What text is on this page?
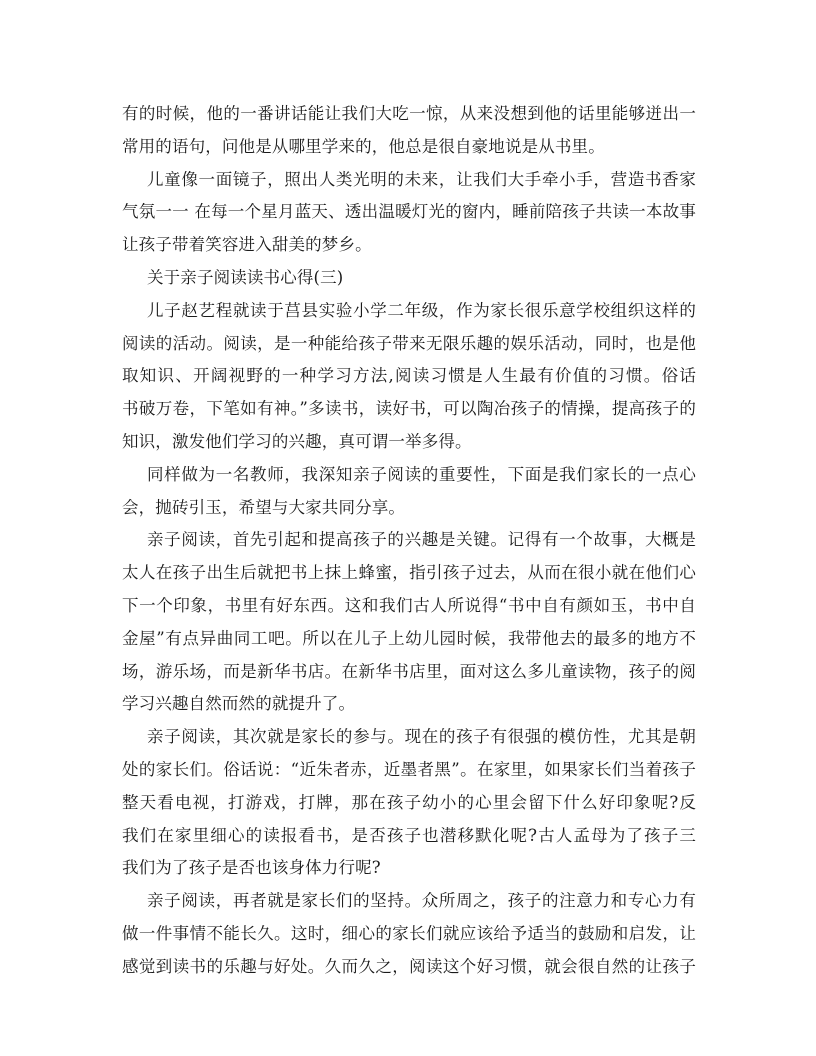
有的时候，他的一番讲话能让我们大吃一惊，从来没想到他的话里能够迸出一
常用的语句，问他是从哪里学来的，他总是很自豪地说是从书里。
儿童像一面镜子，照出人类光明的未来，让我们大手牵小手，营造书香家
气氛一一 在每一个星月蓝天、透出温暖灯光的窗内，睡前陪孩子共读一本故事
让孩子带着笑容进入甜美的梦乡。
关于亲子阅读读书心得(三)
儿子赵艺程就读于莒县实验小学二年级，作为家长很乐意学校组织这样的
阅读的活动。阅读，是一种能给孩子带来无限乐趣的娱乐活动，同时，也是他
取知识、开阔视野的一种学习方法,阅读习惯是人生最有价值的习惯。俗话
书破万卷，下笔如有神。”多读书，读好书，可以陶冶孩子的情操，提高孩子的
知识，激发他们学习的兴趣，真可谓一举多得。
同样做为一名教师，我深知亲子阅读的重要性，下面是我们家长的一点心
会，抛砖引玉，希望与大家共同分享。
亲子阅读，首先引起和提高孩子的兴趣是关键。记得有一个故事，大概是
太人在孩子出生后就把书上抹上蜂蜜，指引孩子过去，从而在很小就在他们心
下一个印象，书里有好东西。这和我们古人所说得“书中自有颜如玉，书中自
金屋”有点异曲同工吧。所以在儿子上幼儿园时候，我带他去的最多的地方不
场，游乐场，而是新华书店。在新华书店里，面对这么多儿童读物，孩子的阅
学习兴趣自然而然的就提升了。
亲子阅读，其次就是家长的参与。现在的孩子有很强的模仿性，尤其是朝
处的家长们。俗话说：“近朱者赤，近墨者黑”。在家里，如果家长们当着孩子
整天看电视，打游戏，打牌，那在孩子幼小的心里会留下什么好印象呢?反
我们在家里细心的读报看书，是否孩子也潜移默化呢?古人孟母为了孩子三
我们为了孩子是否也该身体力行呢?
亲子阅读，再者就是家长们的坚持。众所周之，孩子的注意力和专心力有
做一件事情不能长久。这时，细心的家长们就应该给予适当的鼓励和启发，让
感觉到读书的乐趣与好处。久而久之，阅读这个好习惯，就会很自然的让孩子
